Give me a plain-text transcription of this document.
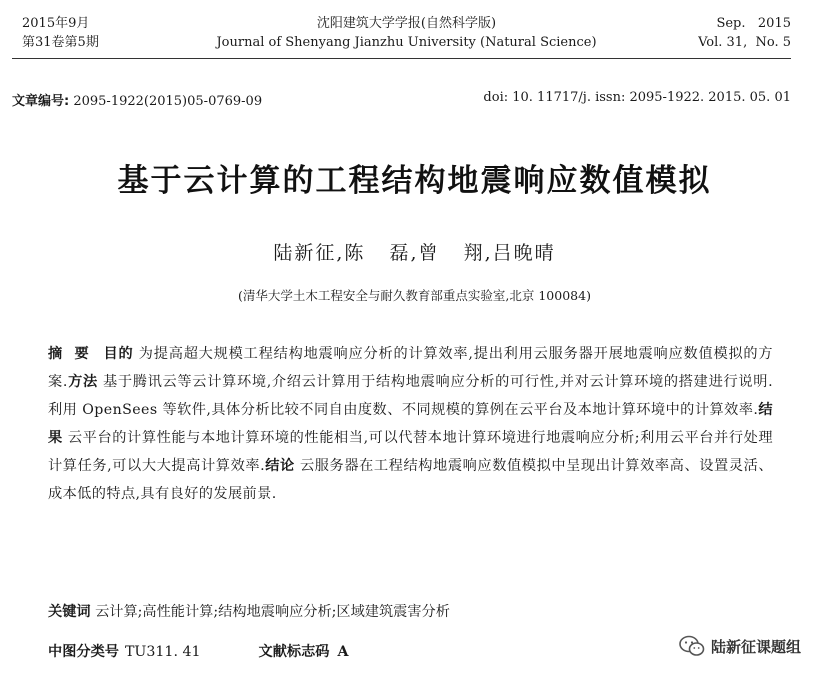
2015年9月
第31卷第5期
沈阳建筑大学学报(自然科学版)
Journal of Shenyang Jianzhu University (Natural Science)
Sep.   2015
Vol. 31,  No. 5
文章编号: 2095-1922(2015)05-0769-09	doi: 10. 11717/j. issn: 2095-1922. 2015. 05. 01
基于云计算的工程结构地震响应数值模拟
陆新征,陈   磊,曾   翔,吕晚晴
(清华大学土木工程安全与耐久教育部重点实验室,北京 100084)
摘  要 目的 为提高超大规模工程结构地震响应分析的计算效率,提出利用云服务器开展地震响应数值模拟的方案.方法 基于腾讯云等云计算环境,介绍云计算用于结构地震响应分析的可行性,并对云计算环境的搭建进行说明. 利用 OpenSees 等软件,具体分析比较不同自由度数、不同规模的算例在云平台及本地计算环境中的计算效率.结果 云平台的计算性能与本地计算环境的性能相当,可以代替本地计算环境进行地震响应分析;利用云平台并行处理计算任务,可以大大提高计算效率.结论 云服务器在工程结构地震响应数值模拟中呈现出计算效率高、设置灵活、成本低的特点,具有良好的发展前景.
关键词 云计算;高性能计算;结构地震响应分析;区域建筑震害分析
中图分类号 TU311. 41	文献标志码 A	陆新征课题组
